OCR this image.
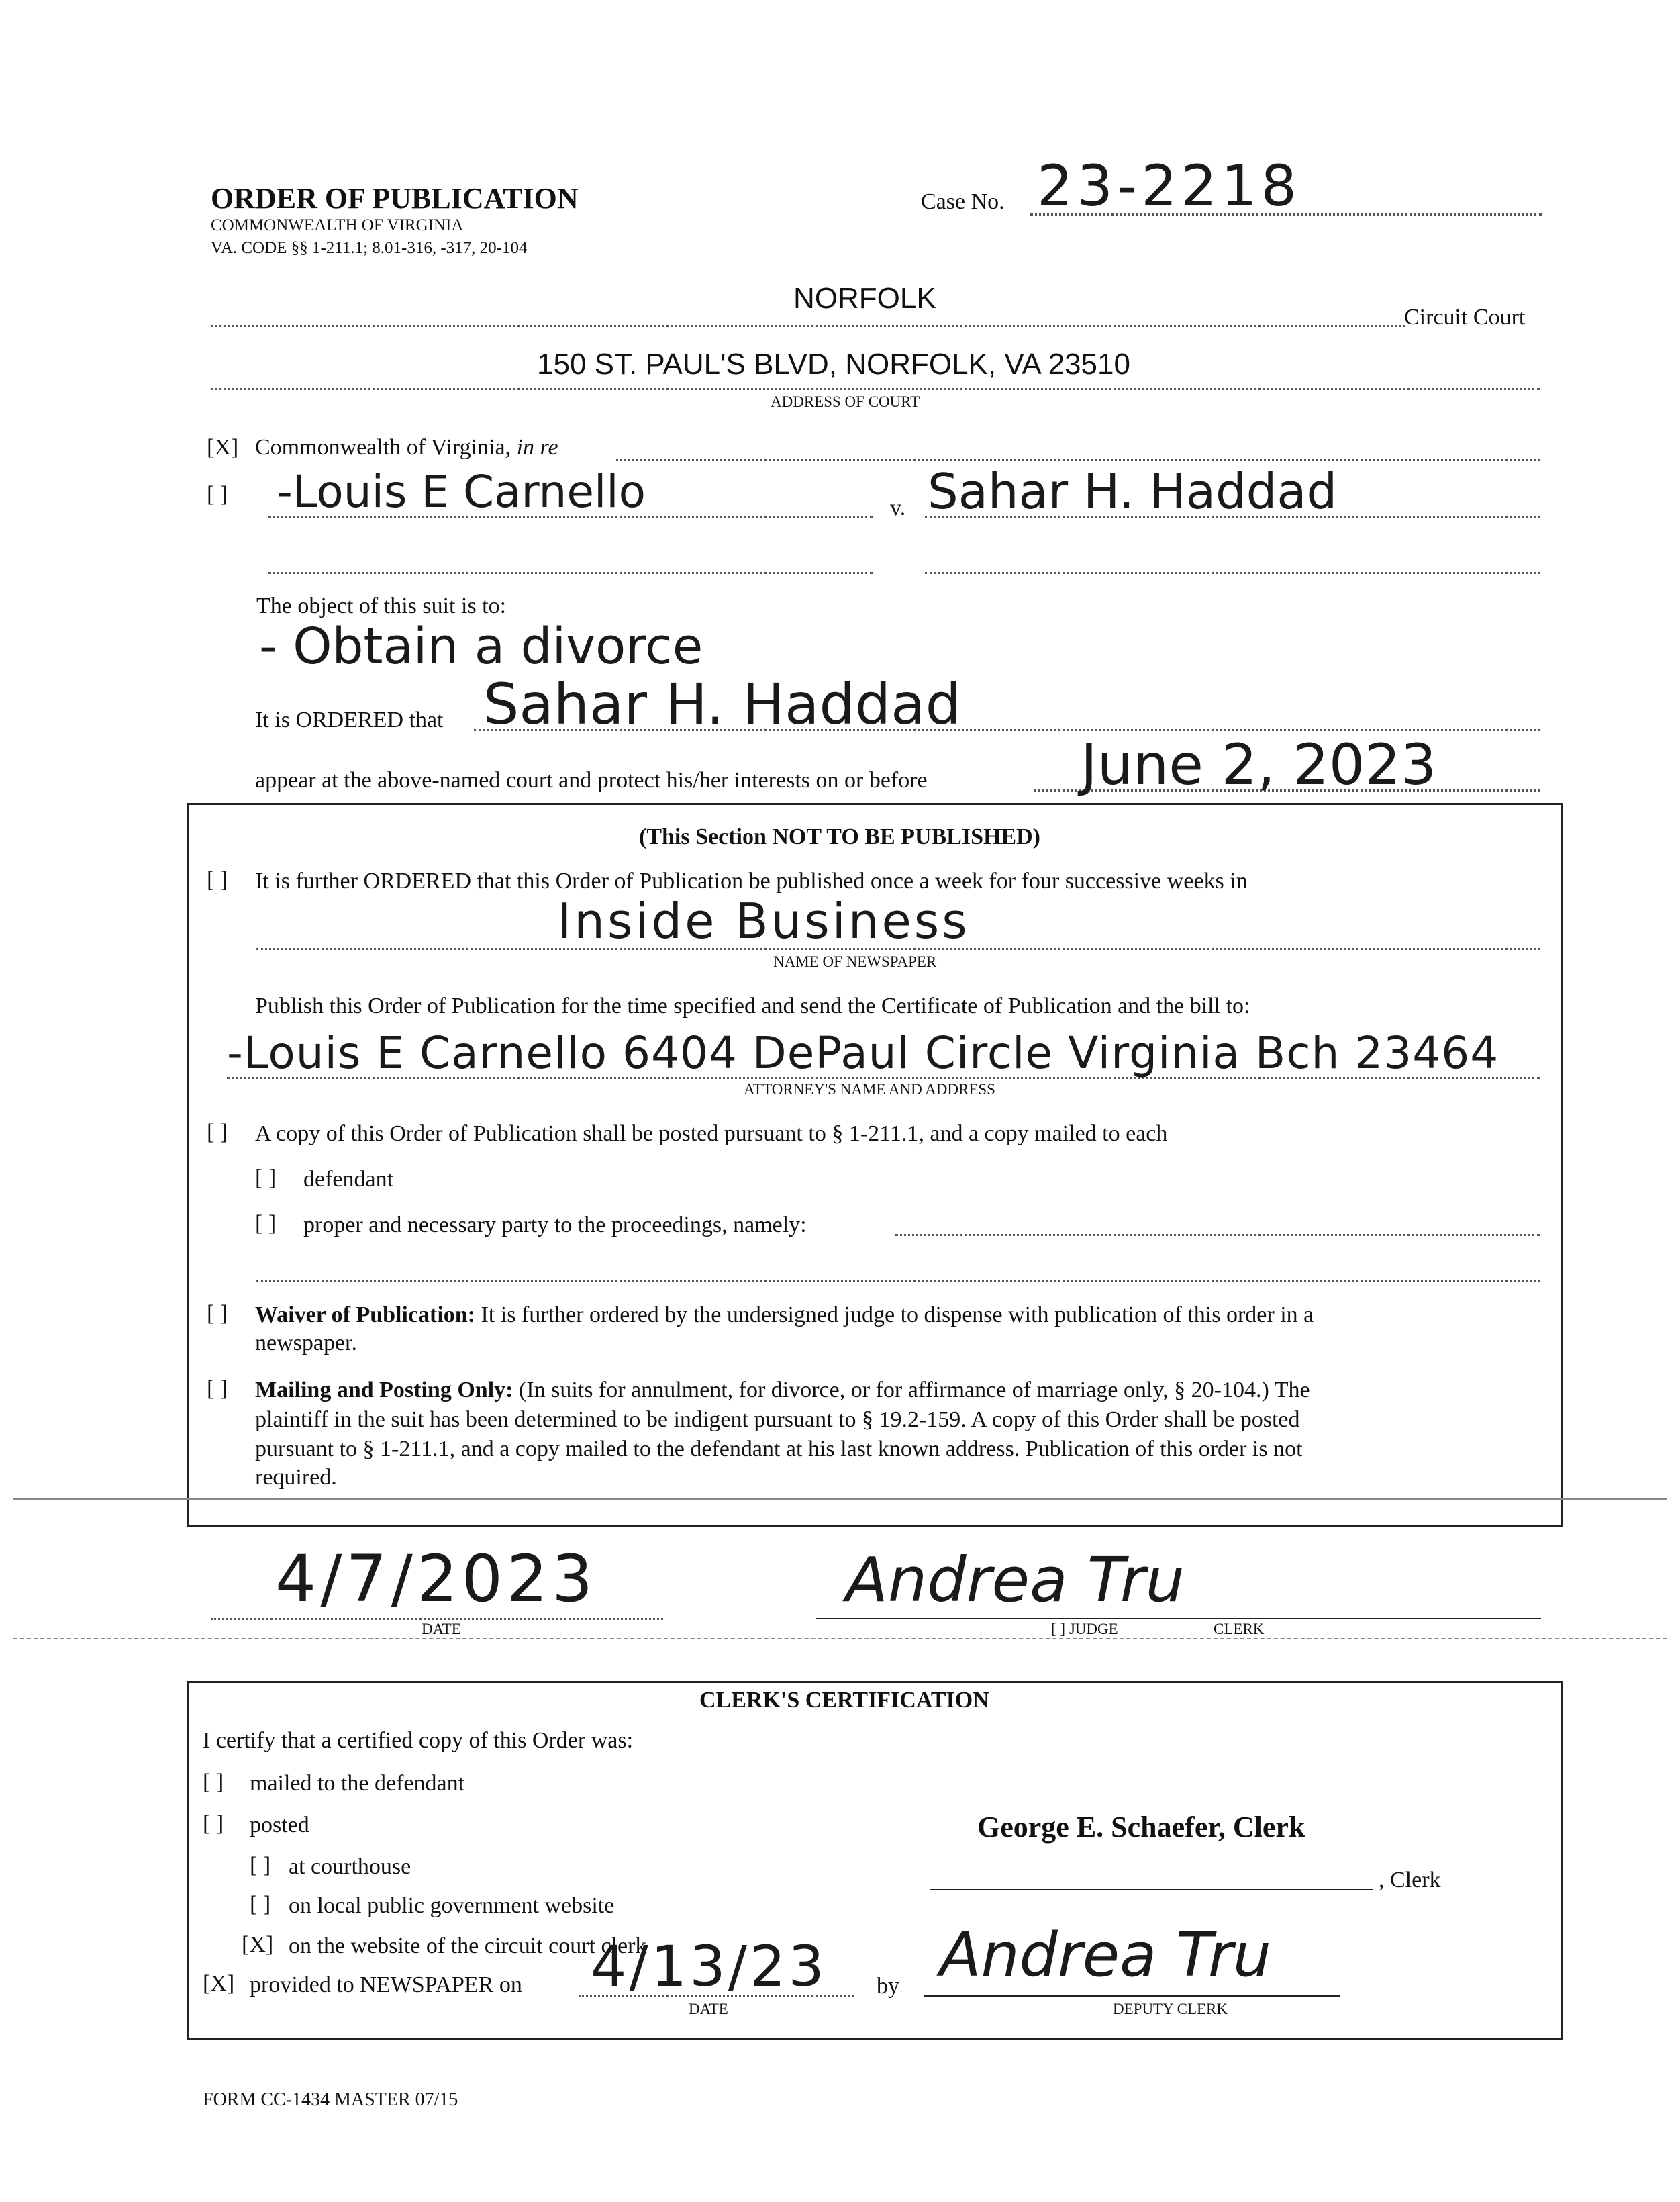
ORDER OF PUBLICATION
COMMONWEALTH OF VIRGINIA
VA. CODE §§ 1-211.1; 8.01-316, -317, 20-104
Case No. 23-2218
NORFOLK
Circuit Court
150 ST. PAUL'S BLVD, NORFOLK, VA 23510
ADDRESS OF COURT
[X] Commonwealth of Virginia, in re
[ ] -Louis E Carnello	v. Sahar H. Haddad
The object of this suit is to:
- Obtain a divorce
It is ORDERED that Sahar H. Haddad
appear at the above-named court and protect his/her interests on or before	June 2, 2023
(This Section NOT TO BE PUBLISHED)
[ ] It is further ORDERED that this Order of Publication be published once a week for four successive weeks in
Inside Business
NAME OF NEWSPAPER
Publish this Order of Publication for the time specified and send the Certificate of Publication and the bill to:
-Louis E Carnello 6404 DePaul Circle Virginia Bch 23464
ATTORNEY'S NAME AND ADDRESS
[ ] A copy of this Order of Publication shall be posted pursuant to § 1-211.1, and a copy mailed to each
[ ] defendant
[ ] proper and necessary party to the proceedings, namely:
[ ] Waiver of Publication: It is further ordered by the undersigned judge to dispense with publication of this order in a
newspaper.
[ ] Mailing and Posting Only: (In suits for annulment, for divorce, or for affirmance of marriage only, § 20-104.) The
plaintiff in the suit has been determined to be indigent pursuant to § 19.2-159. A copy of this Order shall be posted
pursuant to § 1-211.1, and a copy mailed to the defendant at his last known address. Publication of this order is not
required.
4/7/2023
DATE
Andrea Tru
[ ] JUDGE	CLERK
CLERK'S CERTIFICATION
I certify that a certified copy of this Order was:
[ ] mailed to the defendant
[ ] posted
[ ] at courthouse
[ ] on local public government website
[X] on the website of the circuit court clerk
[X] provided to NEWSPAPER on 4/13/23
DATE
by Andrea Tru
DEPUTY CLERK
George E. Schaefer, Clerk
, Clerk
FORM CC-1434 MASTER 07/15
